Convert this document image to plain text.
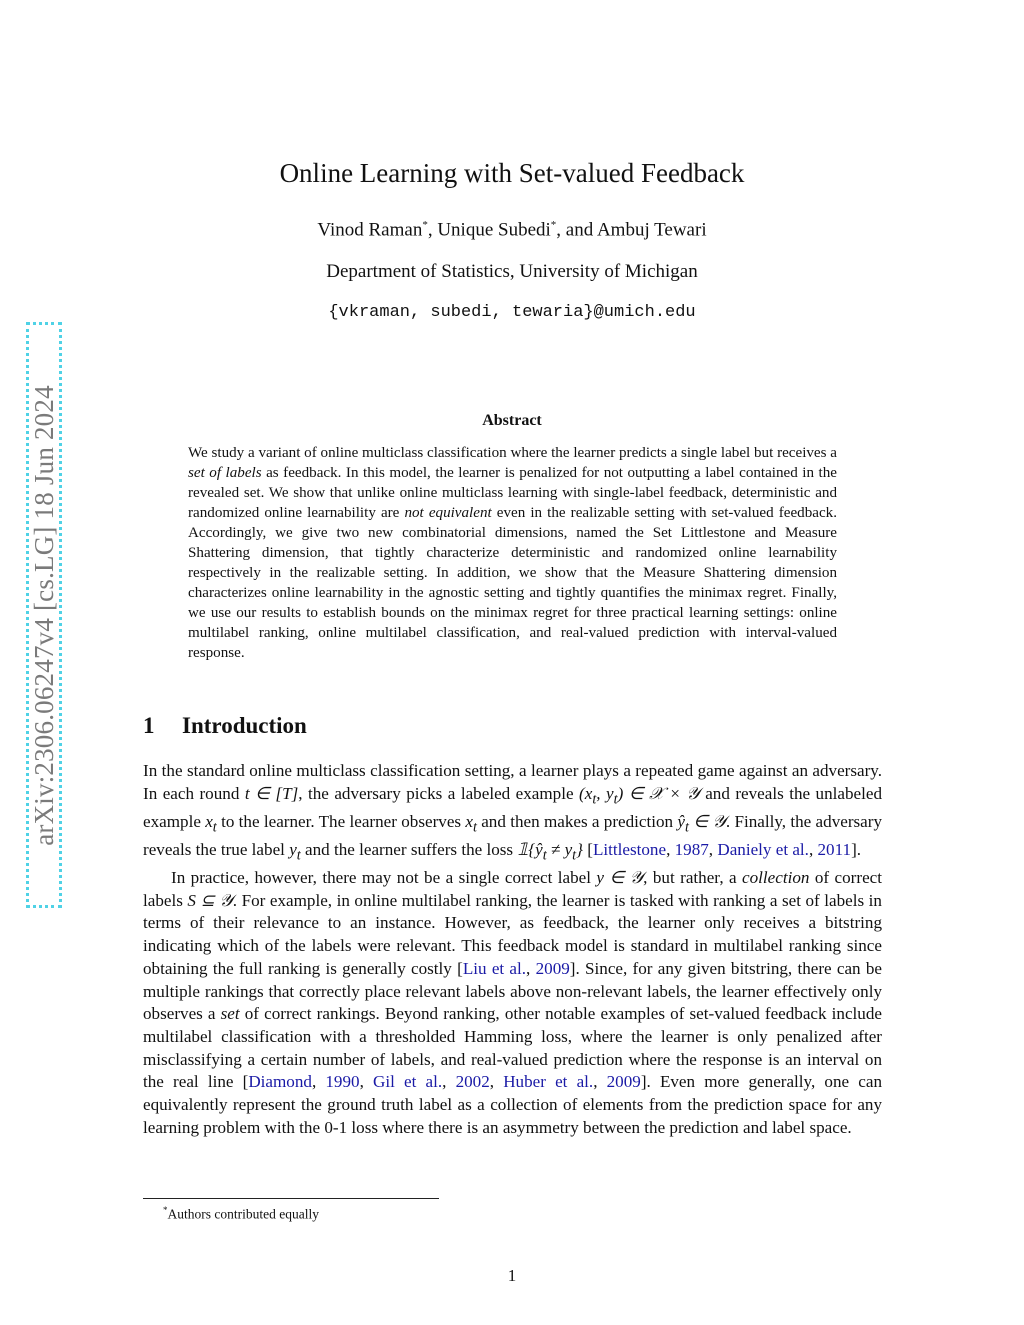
arXiv:2306.06247v4 [cs.LG] 18 Jun 2024
Online Learning with Set-valued Feedback
Vinod Raman*, Unique Subedi*, and Ambuj Tewari
Department of Statistics, University of Michigan
{vkraman, subedi, tewaria}@umich.edu
Abstract
We study a variant of online multiclass classification where the learner predicts a single label but receives a set of labels as feedback. In this model, the learner is penalized for not outputting a label contained in the revealed set. We show that unlike online multiclass learning with single-label feedback, deterministic and randomized online learnability are not equivalent even in the realizable setting with set-valued feedback. Accordingly, we give two new combinatorial dimensions, named the Set Littlestone and Measure Shattering dimension, that tightly characterize deterministic and randomized online learnability respectively in the realizable setting. In addition, we show that the Measure Shattering dimension characterizes online learnability in the agnostic setting and tightly quantifies the minimax regret. Finally, we use our results to establish bounds on the minimax regret for three practical learning settings: online multilabel ranking, online multilabel classification, and real-valued prediction with interval-valued response.
1 Introduction

In the standard online multiclass classification setting, a learner plays a repeated game against an adversary. In each round t ∈ [T], the adversary picks a labeled example ($x_t$, $y_t$) ∈ 𝒳 × 𝒴 and reveals the unlabeled example $x_t$ to the learner. The learner observes $x_t$ and then makes a prediction $ŷ_t$ ∈ 𝒴. Finally, the adversary reveals the true label $y_t$ and the learner suffers the loss $𝟙\{ŷ_t \ne y_t\}$ [Littlestone, 1987, Daniely et al., 2011].

In practice, however, there may not be a single correct label y ∈ 𝒴, but rather, a collection of correct labels S ⊆ 𝒴. For example, in online multilabel ranking, the learner is tasked with ranking a set of labels in terms of their relevance to an instance. However, as feedback, the learner only receives a bitstring indicating which of the labels were relevant. This feedback model is standard in multilabel ranking since obtaining the full ranking is generally costly [Liu et al., 2009]. Since, for any given bitstring, there can be multiple rankings that correctly place relevant labels above non-relevant labels, the learner effectively only observes a set of correct rankings. Beyond ranking, other notable examples of set-valued feedback include multilabel classification with a thresholded Hamming loss, where the learner is only penalized after misclassifying a certain number of labels, and real-valued prediction where the response is an interval on the real line [Diamond, 1990, Gil et al., 2002, Huber et al., 2009]. Even more generally, one can equivalently represent the ground truth label as a collection of elements from the prediction space for any learning problem with the 0-1 loss where there is an asymmetry between the prediction and label space.

*Authors contributed equally
1
